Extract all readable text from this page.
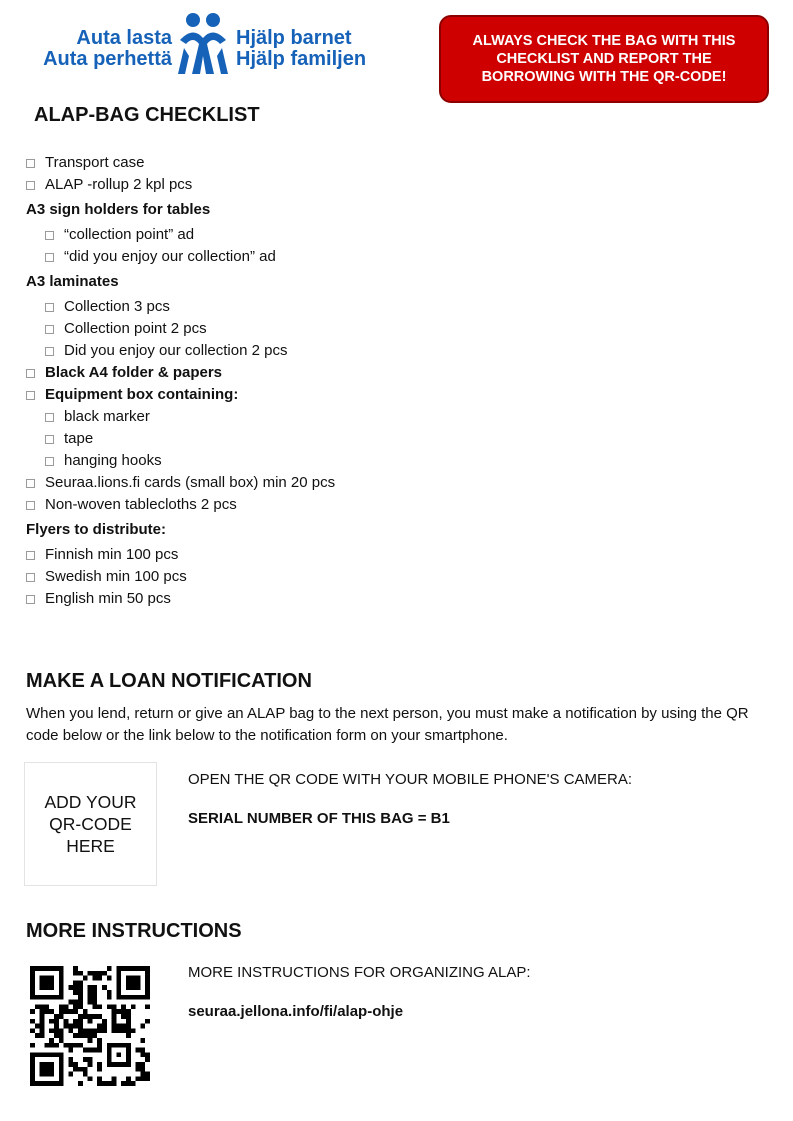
Auta lasta
Auta perhettä
Hjälp barnet
Hjälp familjen
ALWAYS CHECK THE BAG WITH THIS CHECKLIST AND REPORT THE BORROWING WITH THE QR-CODE!
ALAP-BAG CHECKLIST
Transport case
ALAP -rollup 2 kpl pcs
A3 sign holders for tables
“collection point” ad
“did you enjoy our collection” ad
A3 laminates
Collection 3 pcs
Collection point 2 pcs
Did you enjoy our collection 2 pcs
Black A4 folder & papers
Equipment box containing:
black marker
tape
hanging hooks
Seuraa.lions.fi cards (small box) min 20 pcs
Non-woven tablecloths 2 pcs
Flyers to distribute:
Finnish min 100 pcs
Swedish min 100 pcs
English min 50 pcs
MAKE A LOAN NOTIFICATION

When you lend, return or give an ALAP bag to the next person, you must make a notification by using the QR code below or the link below to the notification form on your smartphone.

ADD YOUR QR-CODE HERE

OPEN THE QR CODE WITH YOUR MOBILE PHONE'S CAMERA:

SERIAL NUMBER OF THIS BAG = B1

MORE INSTRUCTIONS

MORE INSTRUCTIONS FOR ORGANIZING ALAP:

seuraa.jellona.info/fi/alap-ohje
